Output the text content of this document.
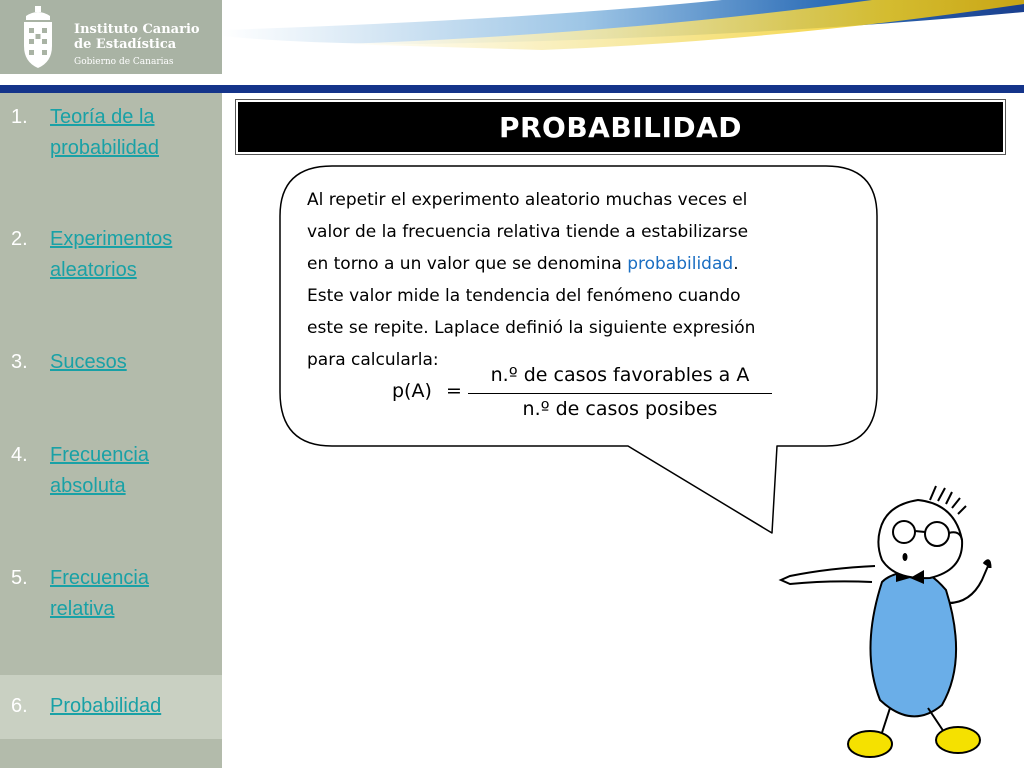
Instituto Canario
de Estadística
Gobierno de Canarias
1. Teoría de la
probabilidad
2. Experimentos
aleatorios
3. Sucesos
4. Frecuencia
absoluta
5. Frecuencia
relativa
6. Probabilidad
PROBABILIDAD
Al repetir el experimento aleatorio muchas veces el
valor de la frecuencia relativa tiende a estabilizarse
en torno a un valor que se denomina probabilidad.
Este valor mide la tendencia del fenómeno cuando
este se repite. Laplace definió la siguiente expresión
para calcularla:
p(A) =
n.º de casos favorables a A
n.º de casos posibes
